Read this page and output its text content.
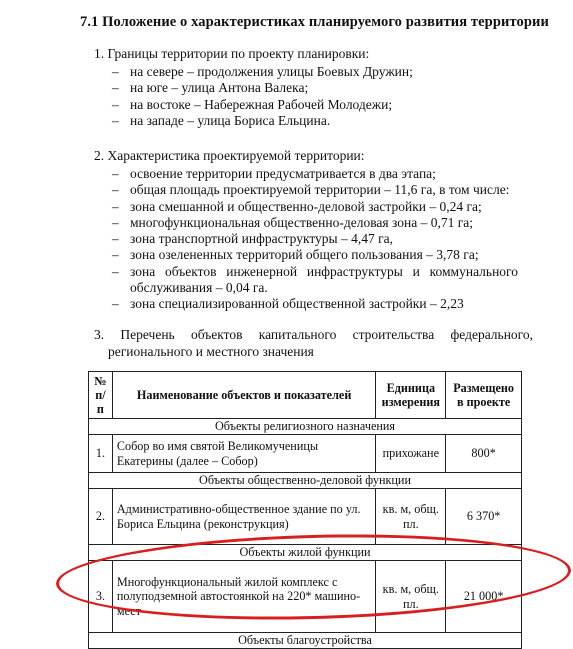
7.1 Положение о характеристиках планируемого развития территории
1. Границы территории по проекту планировки:
– на севере – продолжения улицы Боевых Дружин;
– на юге – улица Антона Валека;
– на востоке – Набережная Рабочей Молодежи;
– на западе – улица Бориса Ельцина.
2. Характеристика проектируемой территории:
– освоение территории предусматривается в два этапа;
– общая площадь проектируемой территории – 11,6 га, в том числе:
– зона смешанной и общественно-деловой застройки – 0,24 га;
– многофункциональная общественно-деловая зона – 0,71 га;
– зона транспортной инфраструктуры – 4,47 га,
– зона озелененных территорий общего пользования – 3,78 га;
– зона объектов инженерной инфраструктуры и коммунального обслуживания – 0,04 га.
– зона специализированной общественной застройки – 2,23
3. Перечень объектов капитального строительства федерального,
регионального и местного значения
№ п/п	Наименование объектов и показателей	Единица измерения	Размещено в проекте
Объекты религиозного назначения			
1.	Собор во имя святой Великомученицы Екатерины (далее – Собор)	прихожане	800*
Объекты общественно-деловой функции			
2.	Административно-общественное здание по ул. Бориса Ельцина (реконструкция)	кв. м, общ. пл.	6 370*
Объекты жилой функции			
3.	Многофункциональный жилой комплекс с полуподземной автостоянкой на 220* машино-мест	кв. м, общ. пл.	21 000*
Объекты благоустройства			
